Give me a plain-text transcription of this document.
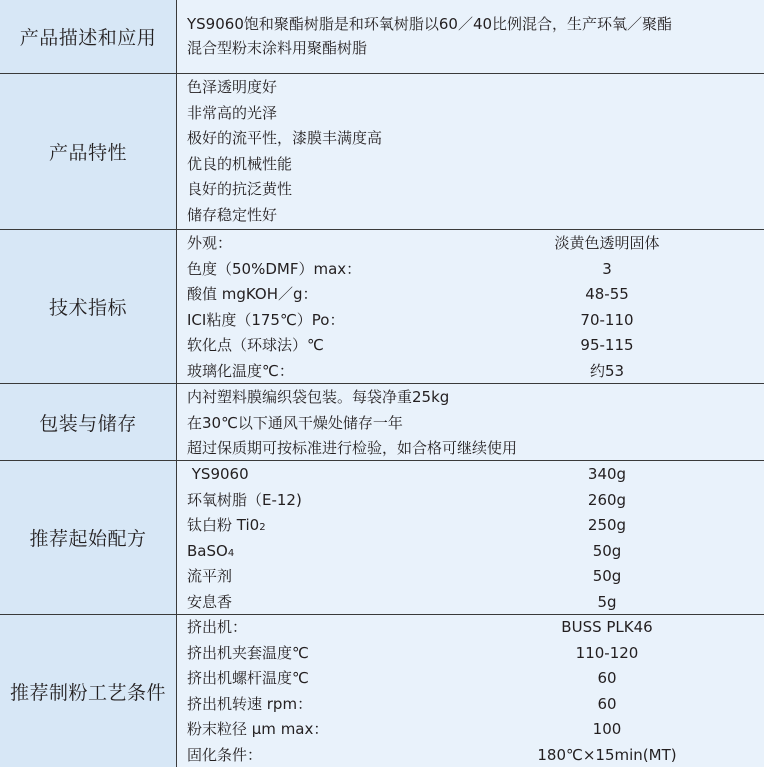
产品描述和应用
YS9060饱和聚酯树脂是和环氧树脂以60／40比例混合，生产环氧／聚酯
混合型粉末涂料用聚酯树脂
产品特性
色泽透明度好
非常高的光泽
极好的流平性，漆膜丰满度高
优良的机械性能
良好的抗泛黄性
储存稳定性好
技术指标
外观：	淡黄色透明固体
色度（50%DMF）max：	3
酸值 mgKOH／g：	48-55
ICI粘度（175℃）Po：	70-110
软化点（环球法）℃	95-115
玻璃化温度℃：	约53
包装与储存
内衬塑料膜编织袋包装。每袋净重25kg
在30℃以下通风干燥处储存一年
超过保质期可按标准进行检验，如合格可继续使用
推荐起始配方
YS9060	340g
环氧树脂（E-12)	260g
钛白粉 Ti02	250g
BaSO4	50g
流平剂	50g
安息香	5g
推荐制粉工艺条件
挤出机：	BUSS PLK46
挤出机夹套温度℃	110-120
挤出机螺杆温度℃	60
挤出机转速 rpm：	60
粉末粒径 μm max：	100
固化条件：	180℃×15min(MT)
